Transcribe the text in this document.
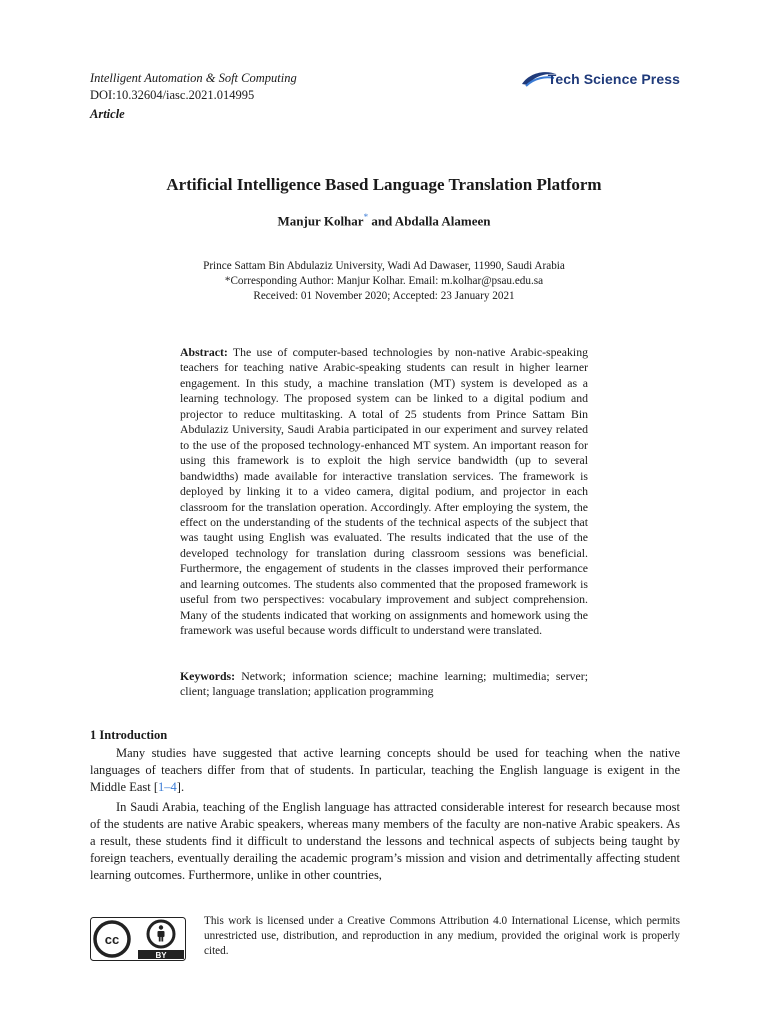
Intelligent Automation & Soft Computing
DOI:10.32604/iasc.2021.014995
Article
Tech Science Press
Artificial Intelligence Based Language Translation Platform
Manjur Kolhar* and Abdalla Alameen
Prince Sattam Bin Abdulaziz University, Wadi Ad Dawaser, 11990, Saudi Arabia
*Corresponding Author: Manjur Kolhar. Email: m.kolhar@psau.edu.sa
Received: 01 November 2020; Accepted: 23 January 2021
Abstract: The use of computer-based technologies by non-native Arabic-speaking teachers for teaching native Arabic-speaking students can result in higher learner engagement. In this study, a machine translation (MT) system is developed as a learning technology. The proposed system can be linked to a digital podium and projector to reduce multitasking. A total of 25 students from Prince Sattam Bin Abdulaziz University, Saudi Arabia participated in our experiment and survey related to the use of the proposed technology-enhanced MT system. An important reason for using this framework is to exploit the high service bandwidth (up to several bandwidths) made available for interactive translation services. The framework is deployed by linking it to a video camera, digital podium, and projector in each classroom for the translation operation. Accordingly. After employing the system, the effect on the understanding of the students of the technical aspects of the subject that was taught using English was evaluated. The results indicated that the use of the developed technology for translation during classroom sessions was beneficial. Furthermore, the engagement of students in the classes improved their performance and learning outcomes. The students also commented that the proposed framework is useful from two perspectives: vocabulary improvement and subject comprehension. Many of the students indicated that working on assignments and homework using the framework was useful because words difficult to understand were translated.
Keywords: Network; information science; machine learning; multimedia; server; client; language translation; application programming
1 Introduction

Many studies have suggested that active learning concepts should be used for teaching when the native languages of teachers differ from that of students. In particular, teaching the English language is exigent in the Middle East [1–4].

In Saudi Arabia, teaching of the English language has attracted considerable interest for research because most of the students are native Arabic speakers, whereas many members of the faculty are non-native Arabic speakers. As a result, these students find it difficult to understand the lessons and technical aspects of subjects being taught by foreign teachers, eventually derailing the academic program’s mission and vision and detrimentally affecting student learning outcomes. Furthermore, unlike in other countries,

cc
BY
This work is licensed under a Creative Commons Attribution 4.0 International License, which permits unrestricted use, distribution, and reproduction in any medium, provided the original work is properly cited.
